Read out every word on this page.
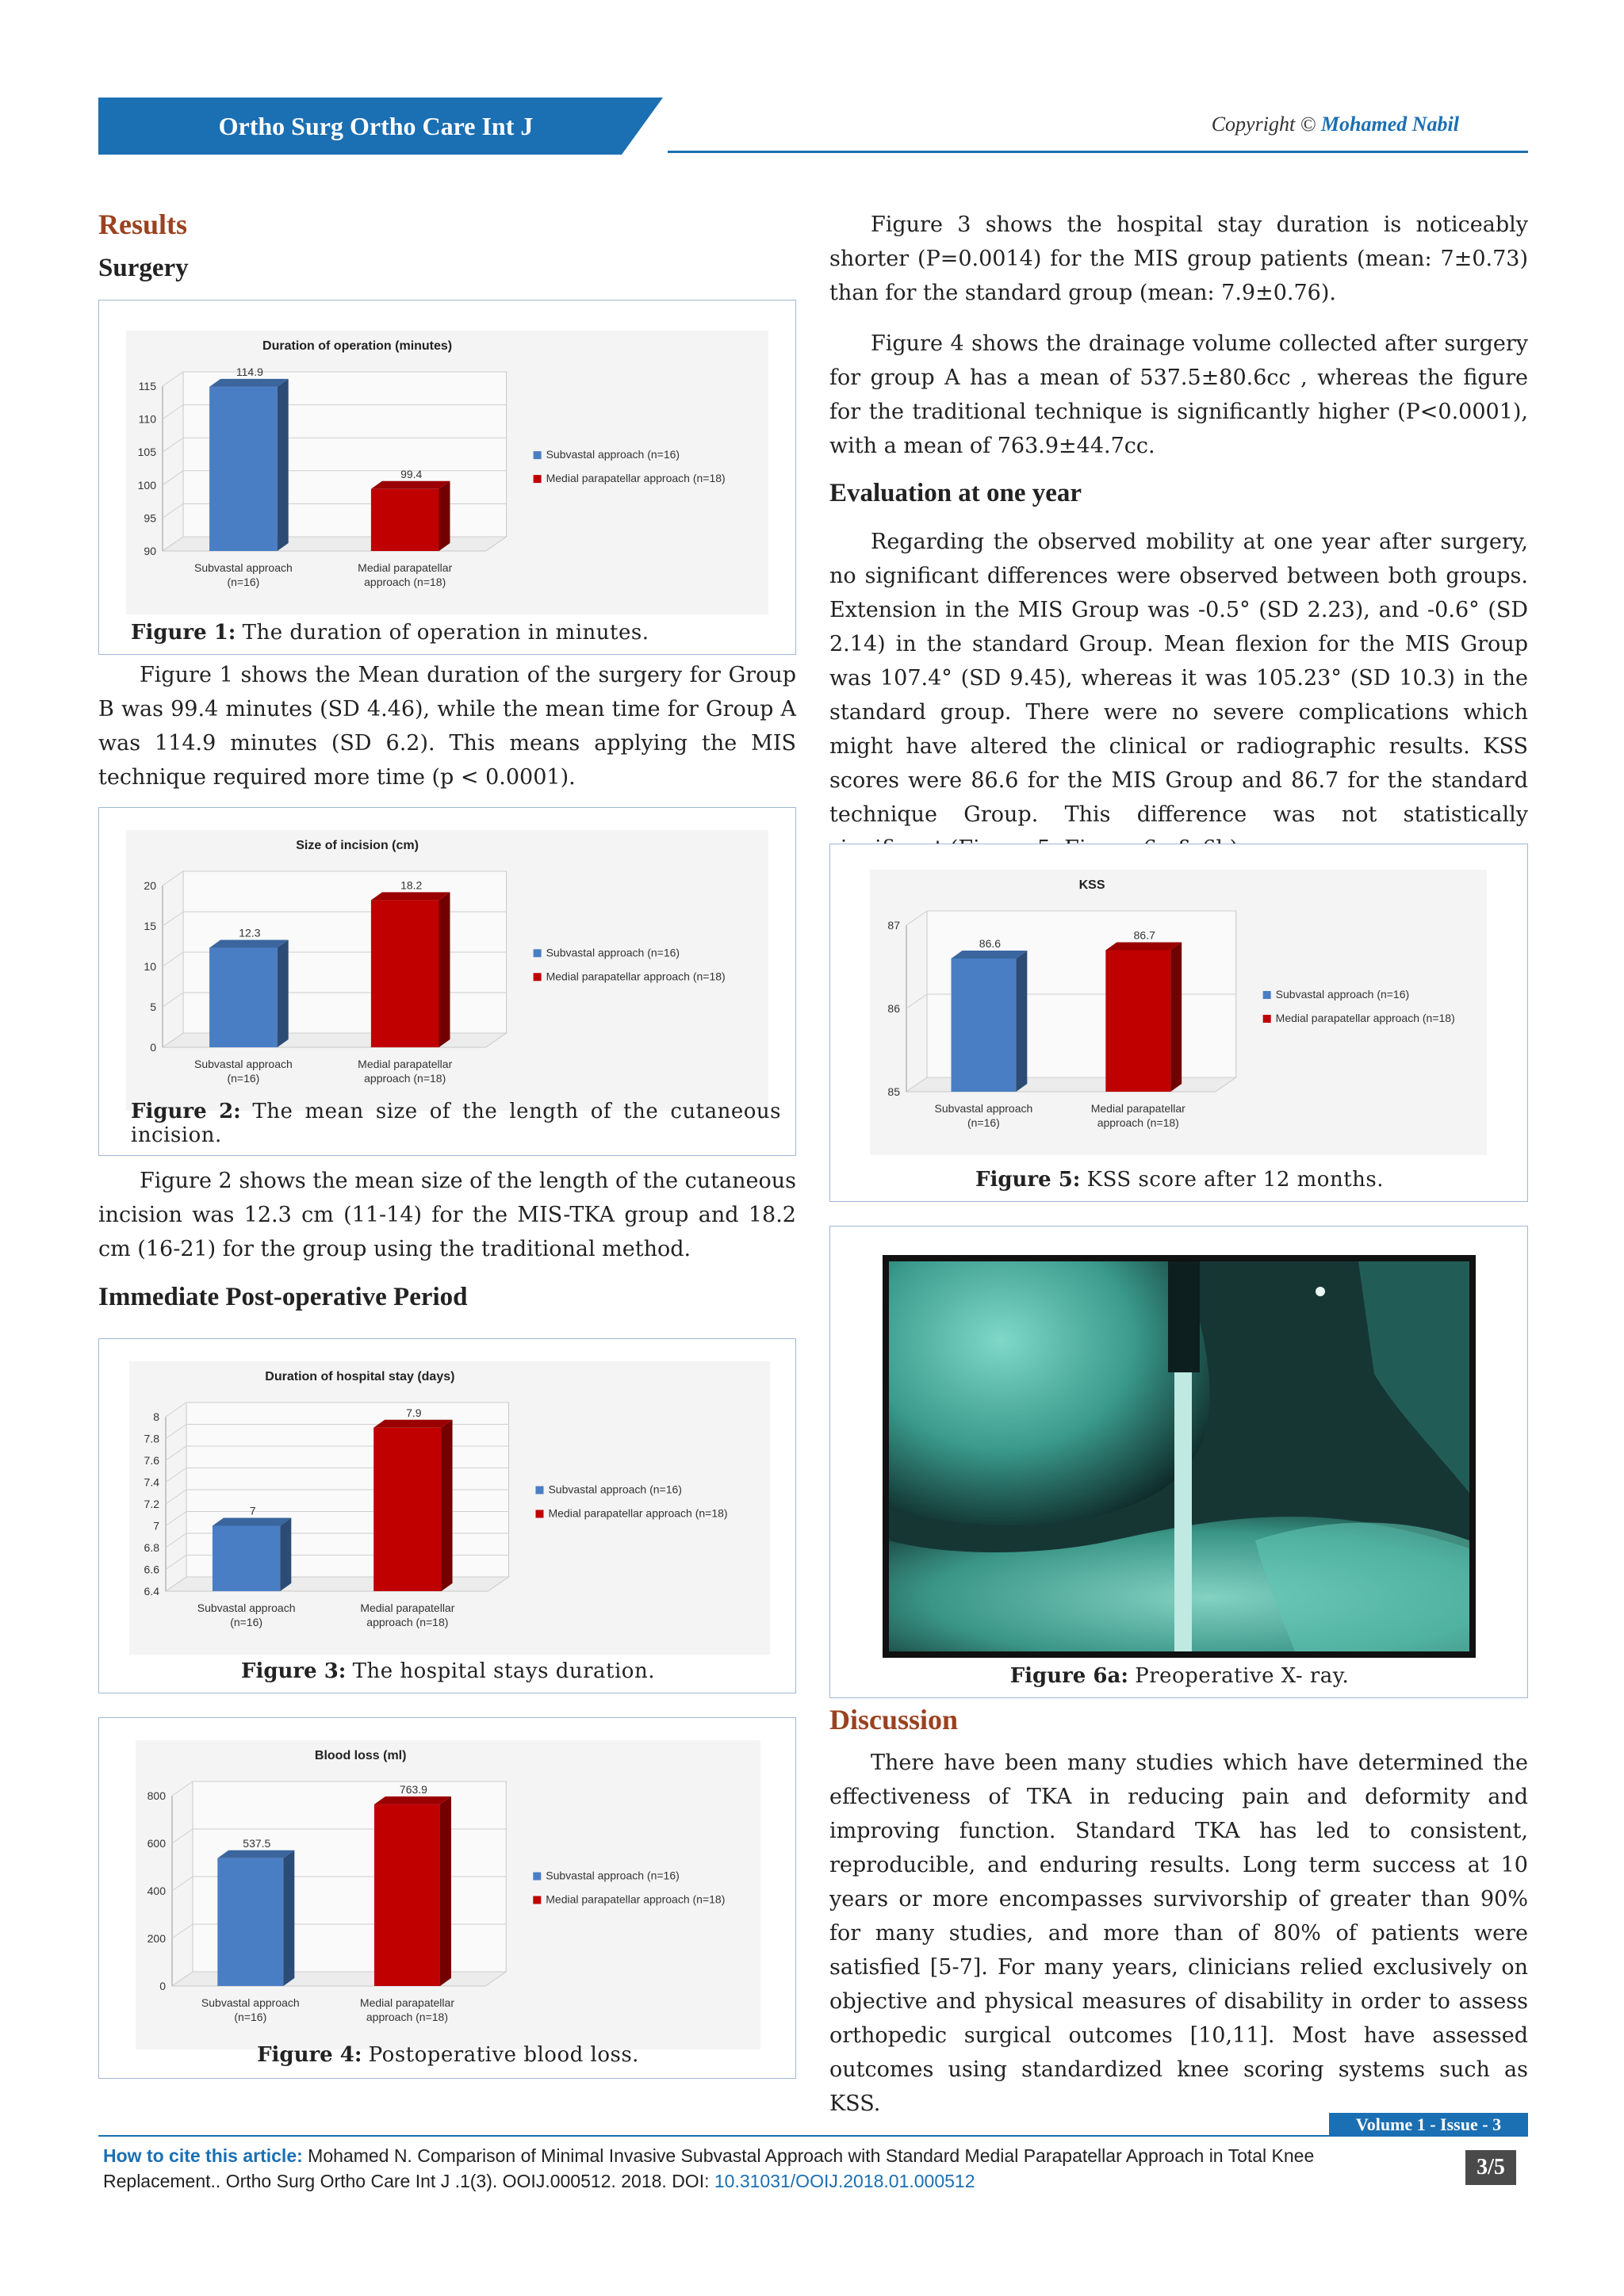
Ortho Surg Ortho Care Int J	Copyright © Mohamed Nabil
Results
Surgery
Duration of operation (minutes)
90
95
100
105
110
115
114.9
Subvastal approach
(n=16)
99.4
Medial parapatellar
approach (n=18)
Subvastal approach (n=16)
Medial parapatellar approach (n=18)
Figure 1: The duration of operation in minutes.
Figure 1 shows the Mean duration of the surgery for Group B was 99.4 minutes (SD 4.46), while the mean time for Group A was 114.9 minutes (SD 6.2). This means applying the MIS technique required more time (p < 0.0001).
Size of incision (cm)
0
5
10
15
20
12.3
Subvastal approach
(n=16)
18.2
Medial parapatellar
approach (n=18)
Subvastal approach (n=16)
Medial parapatellar approach (n=18)
Figure 2: The mean size of the length of the cutaneous incision.
Figure 2 shows the mean size of the length of the cutaneous incision was 12.3 cm (11-14) for the MIS-TKA group and 18.2 cm (16-21) for the group using the traditional method.
Immediate Post-operative Period
Duration of hospital stay (days)
6.4
6.6
6.8
7
7.2
7.4
7.6
7.8
8
7
Subvastal approach
(n=16)
7.9
Medial parapatellar
approach (n=18)
Subvastal approach (n=16)
Medial parapatellar approach (n=18)
Figure 3: The hospital stays duration.
Blood loss (ml)
0
200
400
600
800
537.5
Subvastal approach
(n=16)
763.9
Medial parapatellar
approach (n=18)
Subvastal approach (n=16)
Medial parapatellar approach (n=18)
Figure 4: Postoperative blood loss.
Figure 3 shows the hospital stay duration is noticeably shorter (P=0.0014) for the MIS group patients (mean: 7±0.73) than for the standard group (mean: 7.9±0.76).
Figure 4 shows the drainage volume collected after surgery for group A has a mean of 537.5±80.6cc , whereas the figure for the traditional technique is significantly higher (P<0.0001), with a mean of 763.9±44.7cc.
Evaluation at one year
Regarding the observed mobility at one year after surgery, no significant differences were observed between both groups. Extension in the MIS Group was -0.5° (SD 2.23), and -0.6° (SD 2.14) in the standard Group. Mean flexion for the MIS Group was 107.4° (SD 9.45), whereas it was 105.23° (SD 10.3) in the standard group. There were no severe complications which might have altered the clinical or radiographic results. KSS scores were 86.6 for the MIS Group and 86.7 for the standard technique Group. This difference was not statistically
KSS
85
86
87
86.6
Subvastal approach
(n=16)
86.7
Medial parapatellar
approach (n=18)
Subvastal approach (n=16)
Medial parapatellar approach (n=18)
Figure 5: KSS score after 12 months.
Figure 6a: Preoperative X- ray.
Discussion
There have been many studies which have determined the effectiveness of TKA in reducing pain and deformity and improving function. Standard TKA has led to consistent, reproducible, and enduring results. Long term success at 10 years or more encompasses survivorship of greater than 90% for many studies, and more than of 80% of patients were satisfied [5-7]. For many years, clinicians relied exclusively on objective and physical measures of disability in order to assess orthopedic surgical outcomes [10,11]. Most have assessed outcomes using standardized knee scoring systems such as KSS.
Volume 1 - Issue - 3
How to cite this article: Mohamed N. Comparison of Minimal Invasive Subvastal Approach with Standard Medial Parapatellar Approach in Total Knee Replacement.. Ortho Surg Ortho Care Int J .1(3). OOIJ.000512. 2018. DOI: 10.31031/OOIJ.2018.01.000512
3/5
